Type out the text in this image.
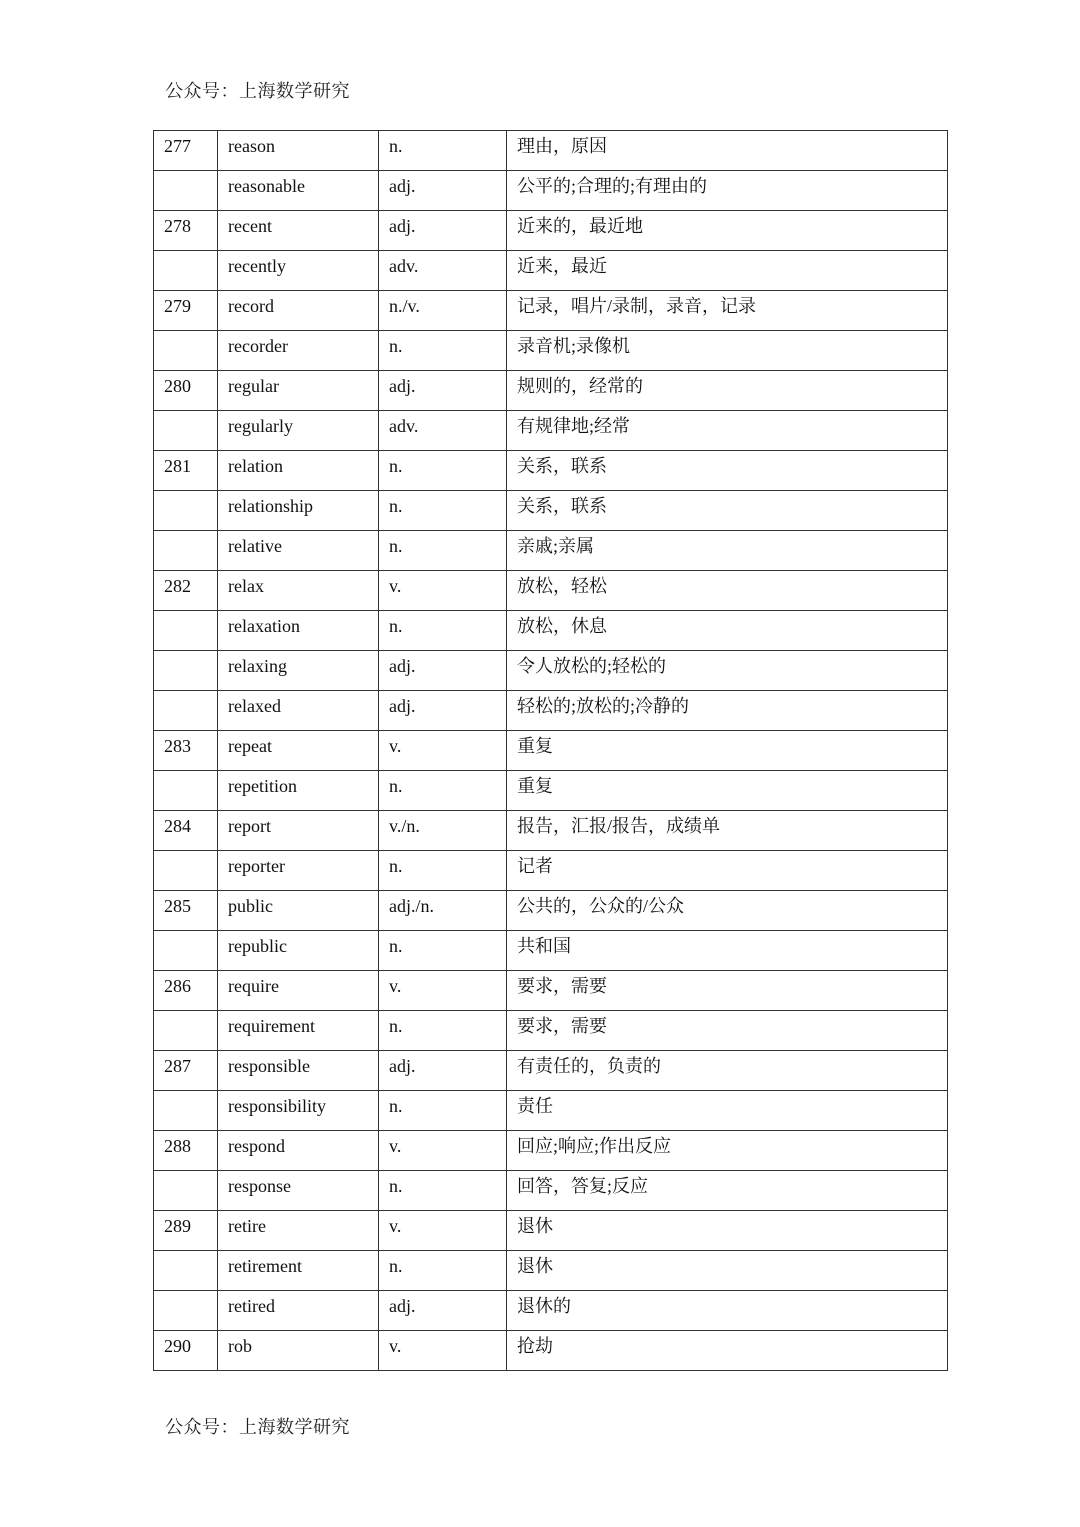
公众号：上海数学研究
277	reason	n.	理由，原因
	reasonable	adj.	公平的;合理的;有理由的
278	recent	adj.	近来的，最近地
	recently	adv.	近来，最近
279	record	n./v.	记录，唱片/录制，录音，记录
	recorder	n.	录音机;录像机
280	regular	adj.	规则的，经常的
	regularly	adv.	有规律地;经常
281	relation	n.	关系，联系
	relationship	n.	关系，联系
	relative	n.	亲戚;亲属
282	relax	v.	放松，轻松
	relaxation	n.	放松，休息
	relaxing	adj.	令人放松的;轻松的
	relaxed	adj.	轻松的;放松的;冷静的
283	repeat	v.	重复
	repetition	n.	重复
284	report	v./n.	报告，汇报/报告，成绩单
	reporter	n.	记者
285	public	adj./n.	公共的，公众的/公众
	republic	n.	共和国
286	require	v.	要求，需要
	requirement	n.	要求，需要
287	responsible	adj.	有责任的，负责的
	responsibility	n.	责任
288	respond	v.	回应;响应;作出反应
	response	n.	回答，答复;反应
289	retire	v.	退休
	retirement	n.	退休
	retired	adj.	退休的
290	rob	v.	抢劫
公众号：上海数学研究
